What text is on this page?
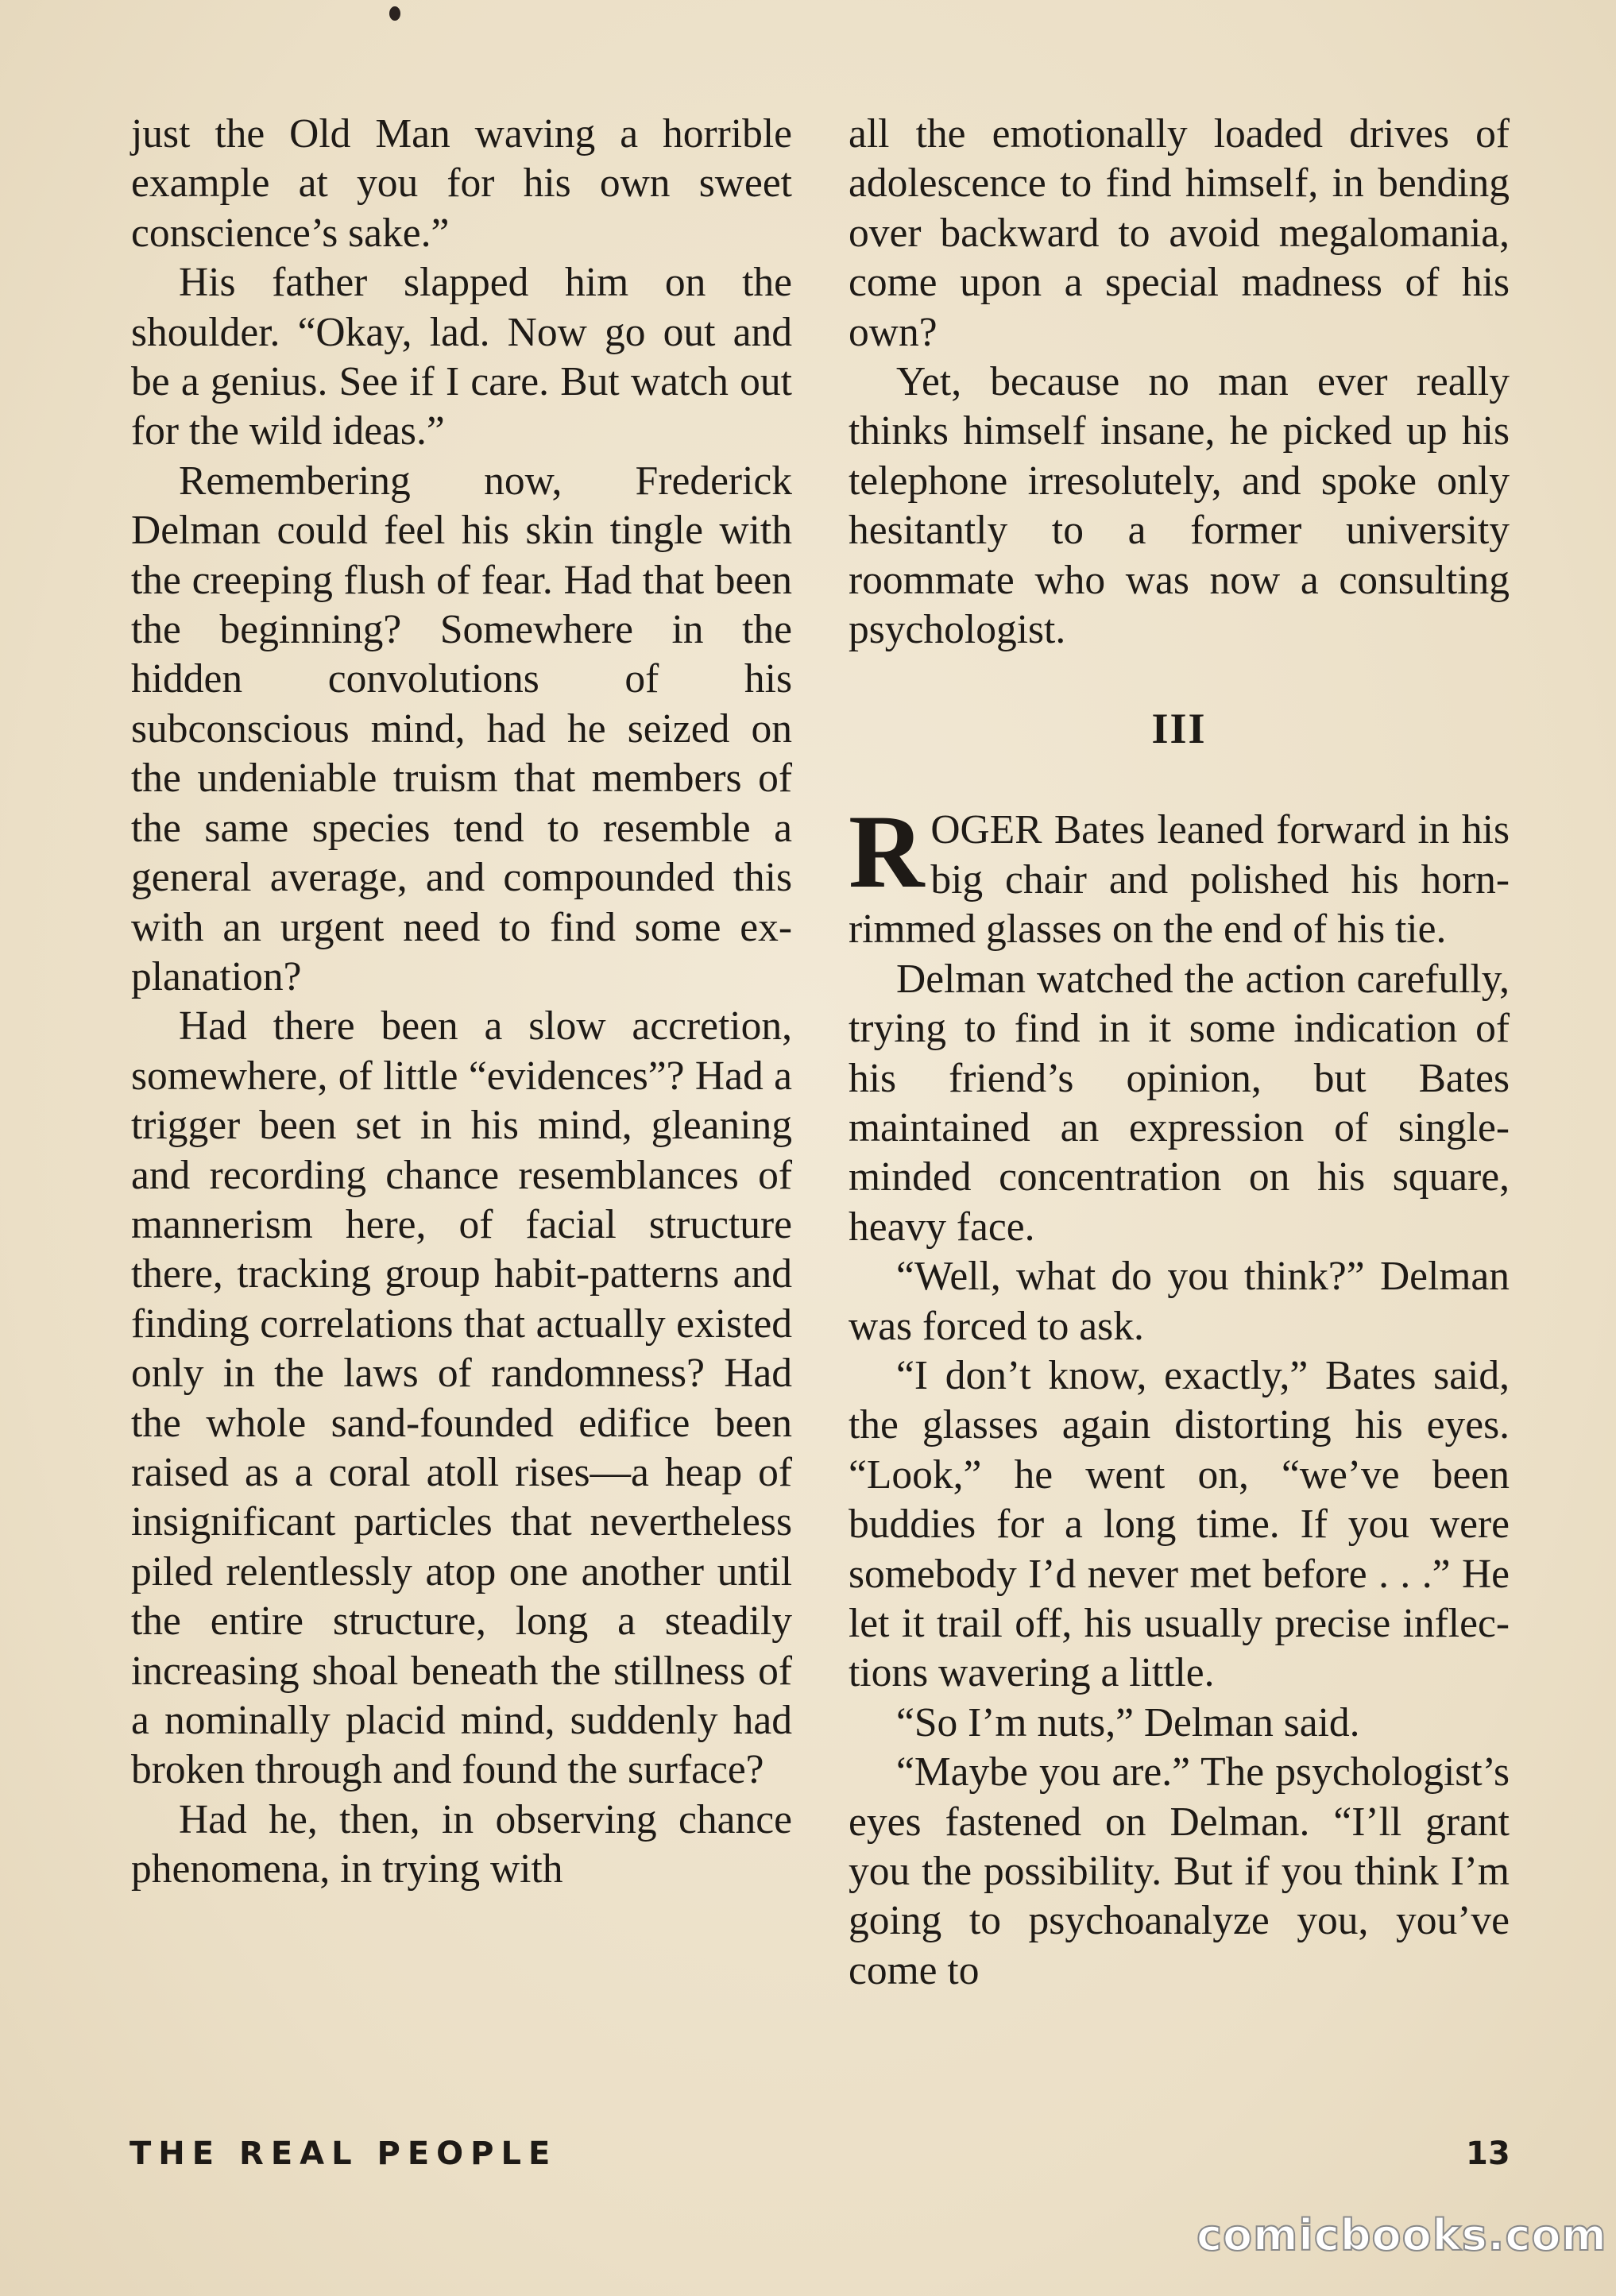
just the Old Man waving a horrible example at you for his own sweet conscience’s sake.”

His father slapped him on the shoulder. “Okay, lad. Now go out and be a genius. See if I care. But watch out for the wild ideas.”

Remembering now, Frederick Delman could feel his skin tingle with the creeping flush of fear. Had that been the beginning? Somewhere in the hidden convolutions of his subconscious mind, had he seized on the undeniable truism that members of the same species tend to resemble a general average, and compounded this with an urgent need to find some explanation?

Had there been a slow accretion, somewhere, of little “evidences”? Had a trigger been set in his mind, gleaning and recording chance resemblances of mannerism here, of facial structure there, tracking group habit-patterns and finding correlations that actually existed only in the laws of randomness? Had the whole sand-founded edifice been raised as a coral atoll rises—a heap of insignificant particles that nevertheless piled relentlessly atop one another until the entire structure, long a steadily increasing shoal beneath the stillness of a nominally placid mind, suddenly had broken through and found the surface?

Had he, then, in observing chance phenomena, in trying with

all the emotionally loaded drives of adolescence to find himself, in bending over backward to avoid megalomania, come upon a special madness of his own?

Yet, because no man ever really thinks himself insane, he picked up his telephone irresolutely, and spoke only hesitantly to a former university roommate who was now a consulting psychologist.

III

ROGER Bates leaned forward in his big chair and polished his horn-rimmed glasses on the end of his tie.

Delman watched the action carefully, trying to find in it some indication of his friend’s opinion, but Bates maintained an expression of single-minded concentration on his square, heavy face.

“Well, what do you think?” Delman was forced to ask.

“I don’t know, exactly,” Bates said, the glasses again distorting his eyes. “Look,” he went on, “we’ve been buddies for a long time. If you were somebody I’d never met before . . .” He let it trail off, his usually precise inflections wavering a little.

“So I’m nuts,” Delman said.

“Maybe you are.” The psychologist’s eyes fastened on Delman. “I’ll grant you the possibility. But if you think I’m going to psychoanalyze you, you’ve come to

THE REAL PEOPLE	13
comicbooks.com
